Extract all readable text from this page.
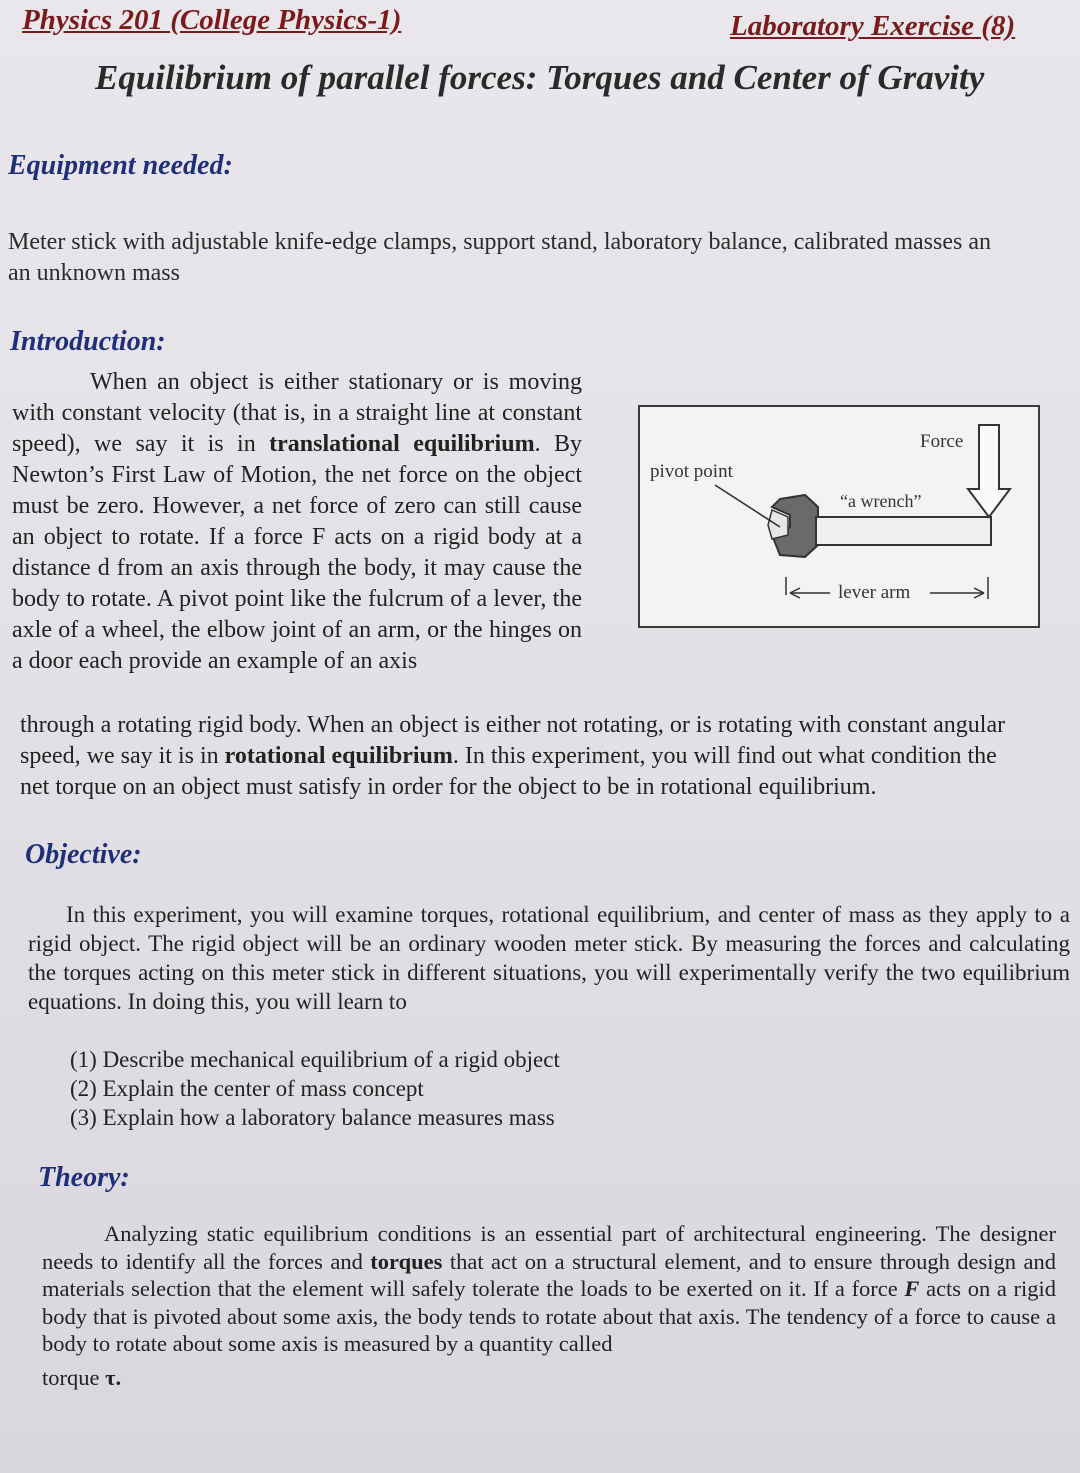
Physics 201 (College Physics-1)	Laboratory Exercise (8)
Equilibrium of parallel forces: Torques and Center of Gravity
Equipment needed:
Meter stick with adjustable knife-edge clamps, support stand, laboratory balance, calibrated masses an
an unknown mass
Introduction:
When an object is either stationary or is moving with constant velocity (that is, in a straight line at constant speed), we say it is in translational equilibrium. By Newton’s First Law of Motion, the net force on the object must be zero. However, a net force of zero can still cause an object to rotate. If a force F acts on a rigid body at a distance d from an axis through the body, it may cause the body to rotate. A pivot point like the fulcrum of a lever, the axle of a wheel, the elbow joint of an arm, or the hinges on a door each provide an example of an axis
through a rotating rigid body. When an object is either not rotating, or is rotating with constant angular
speed, we say it is in rotational equilibrium. In this experiment, you will find out what condition the
net torque on an object must satisfy in order for the object to be in rotational equilibrium.
pivot point
Force
“a wrench”
lever arm
Objective:
In this experiment, you will examine torques, rotational equilibrium, and center of mass as they apply to a rigid object. The rigid object will be an ordinary wooden meter stick. By measuring the forces and calculating the torques acting on this meter stick in different situations, you will experimentally verify the two equilibrium equations. In doing this, you will learn to
(1) Describe mechanical equilibrium of a rigid object
(2) Explain the center of mass concept
(3) Explain how a laboratory balance measures mass
Theory:
Analyzing static equilibrium conditions is an essential part of architectural engineering. The designer needs to identify all the forces and torques that act on a structural element, and to ensure through design and materials selection that the element will safely tolerate the loads to be exerted on it. If a force F acts on a rigid body that is pivoted about some axis, the body tends to rotate about that axis. The tendency of a force to cause a body to rotate about some axis is measured by a quantity called
torque τ.
